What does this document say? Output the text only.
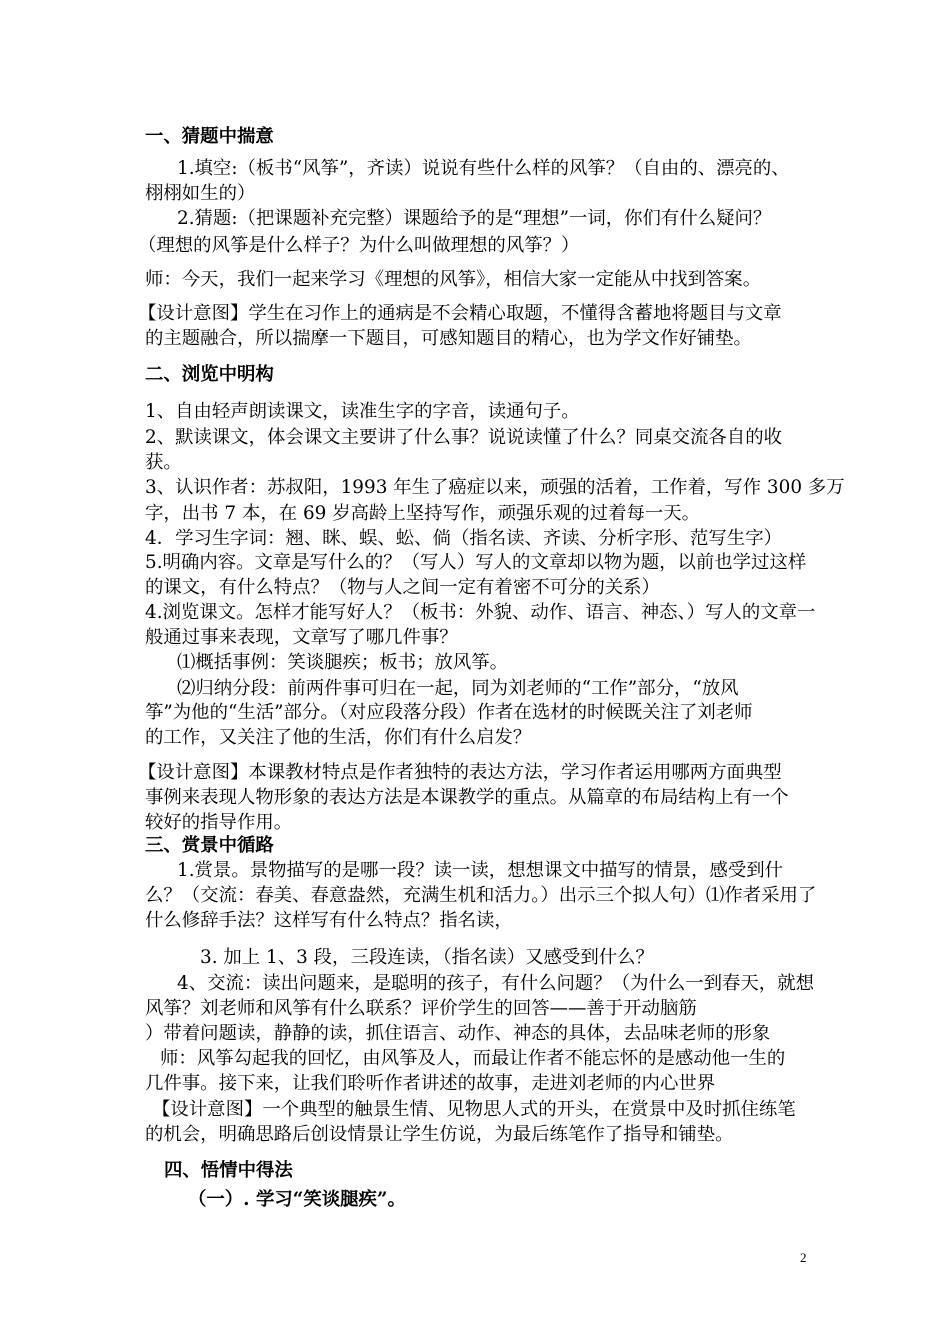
一、猜题中揣意
1.填空:（板书“风筝”，齐读）说说有些什么样的风筝？（自由的、漂亮的、
栩栩如生的）
2.猜题:（把课题补充完整）课题给予的是“理想”一词，你们有什么疑问？
（理想的风筝是什么样子？为什么叫做理想的风筝？）
师：今天，我们一起来学习《理想的风筝》，相信大家一定能从中找到答案。
【设计意图】学生在习作上的通病是不会精心取题，不懂得含蓄地将题目与文章
的主题融合，所以揣摩一下题目，可感知题目的精心，也为学文作好铺垫。
二、浏览中明构
1、自由轻声朗读课文，读准生字的字音，读通句子。
2、默读课文，体会课文主要讲了什么事？说说读懂了什么？同桌交流各自的收
获。
3、认识作者：苏叔阳，1993 年生了癌症以来，顽强的活着，工作着，写作 300 多万
字，出书 7 本，在 69 岁高龄上坚持写作，顽强乐观的过着每一天。
4．学习生字词：翘、眯、蜈、蚣、倘（指名读、齐读、分析字形、范写生字）
5.明确内容。文章是写什么的？（写人）写人的文章却以物为题，以前也学过这样
的课文，有什么特点？（物与人之间一定有着密不可分的关系）
4.浏览课文。怎样才能写好人？（板书：外貌、动作、语言、神态、）写人的文章一
般通过事来表现，文章写了哪几件事？
⑴概括事例：笑谈腿疾；板书；放风筝。
⑵归纳分段：前两件事可归在一起，同为刘老师的“工作”部分，“放风
筝”为他的“生活”部分。（对应段落分段）作者在选材的时候既关注了刘老师
的工作，又关注了他的生活，你们有什么启发？
【设计意图】本课教材特点是作者独特的表达方法，学习作者运用哪两方面典型
事例来表现人物形象的表达方法是本课教学的重点。从篇章的布局结构上有一个
较好的指导作用。
三、赏景中循路
1.赏景。景物描写的是哪一段？读一读，想想课文中描写的情景，感受到什
么？（交流：春美、春意盎然，充满生机和活力。）出示三个拟人句）⑴作者采用了
什么修辞手法？这样写有什么特点？指名读，
3. 加上 1、3 段，三段连读，（指名读）又感受到什么？
4、交流：读出问题来，是聪明的孩子，有什么问题？（为什么一到春天，就想
风筝？刘老师和风筝有什么联系？评价学生的回答——善于开动脑筋
）带着问题读，静静的读，抓住语言、动作、神态的具体，去品味老师的形象
师：风筝勾起我的回忆，由风筝及人，而最让作者不能忘怀的是感动他一生的
几件事。接下来，让我们聆听作者讲述的故事，走进刘老师的内心世界
【设计意图】一个典型的触景生情、见物思人式的开头，在赏景中及时抓住练笔
的机会，明确思路后创设情景让学生仿说，为最后练笔作了指导和铺垫。
四、悟情中得法
（一）. 学习“笑谈腿疾”。
2
